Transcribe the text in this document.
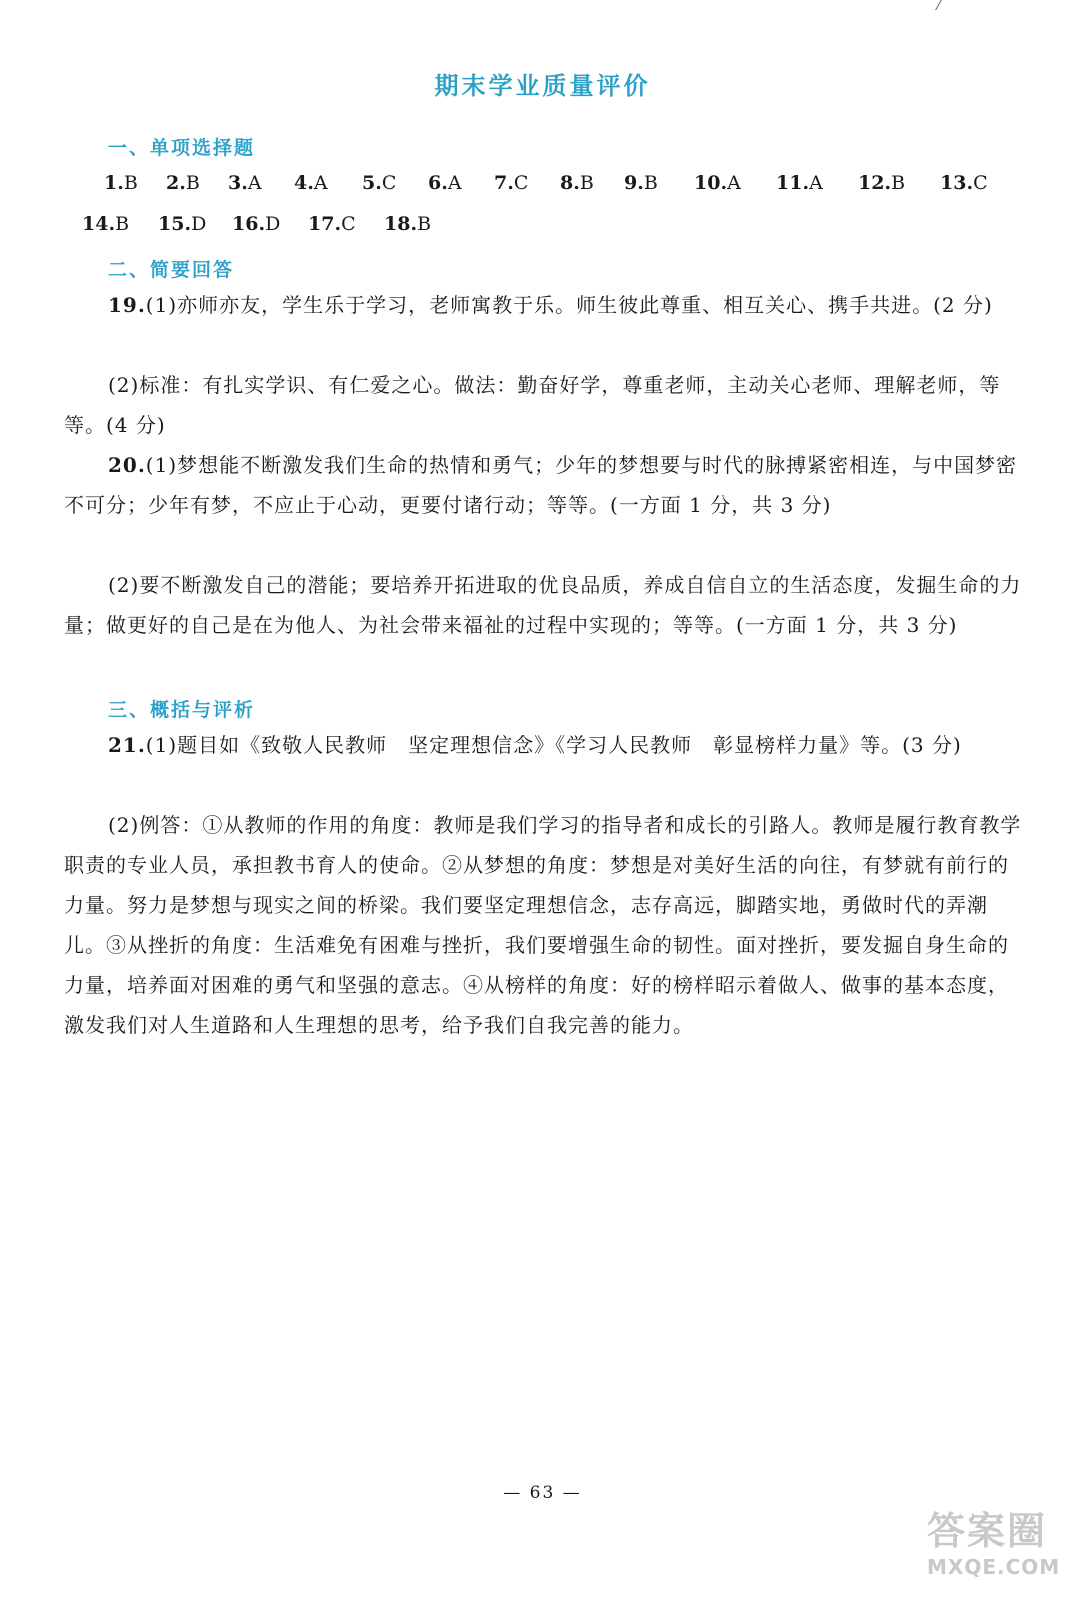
期末学业质量评价
一、单项选择题
1.B 2.B 3.A 4.A 5.C 6.A 7.C 8.B 9.B 10.A 11.A 12.B 13.C
14.B 15.D 16.D 17.C 18.B
二、简要回答
19.(1)亦师亦友，学生乐于学习，老师寓教于乐。师生彼此尊重、相互关心、携手共进。(2 分)
(2)标准：有扎实学识、有仁爱之心。做法：勤奋好学，尊重老师，主动关心老师、理解老师，等等。(4 分)
20.(1)梦想能不断激发我们生命的热情和勇气；少年的梦想要与时代的脉搏紧密相连，与中国梦密不可分；少年有梦，不应止于心动，更要付诸行动；等等。(一方面 1 分，共 3 分)
(2)要不断激发自己的潜能；要培养开拓进取的优良品质，养成自信自立的生活态度，发掘生命的力量；做更好的自己是在为他人、为社会带来福祉的过程中实现的；等等。(一方面 1 分，共 3 分)
三、概括与评析
21.(1)题目如《致敬人民教师　坚定理想信念》《学习人民教师　彰显榜样力量》等。(3 分)
(2)例答：①从教师的作用的角度：教师是我们学习的指导者和成长的引路人。教师是履行教育教学职责的专业人员，承担教书育人的使命。②从梦想的角度：梦想是对美好生活的向往，有梦就有前行的力量。努力是梦想与现实之间的桥梁。我们要坚定理想信念，志存高远，脚踏实地，勇做时代的弄潮儿。③从挫折的角度：生活难免有困难与挫折，我们要增强生命的韧性。面对挫折，要发掘自身生命的力量，培养面对困难的勇气和坚强的意志。④从榜样的角度：好的榜样昭示着做人、做事的基本态度，激发我们对人生道路和人生理想的思考，给予我们自我完善的能力。
— 63 —
答案圈
MXQE.COM
